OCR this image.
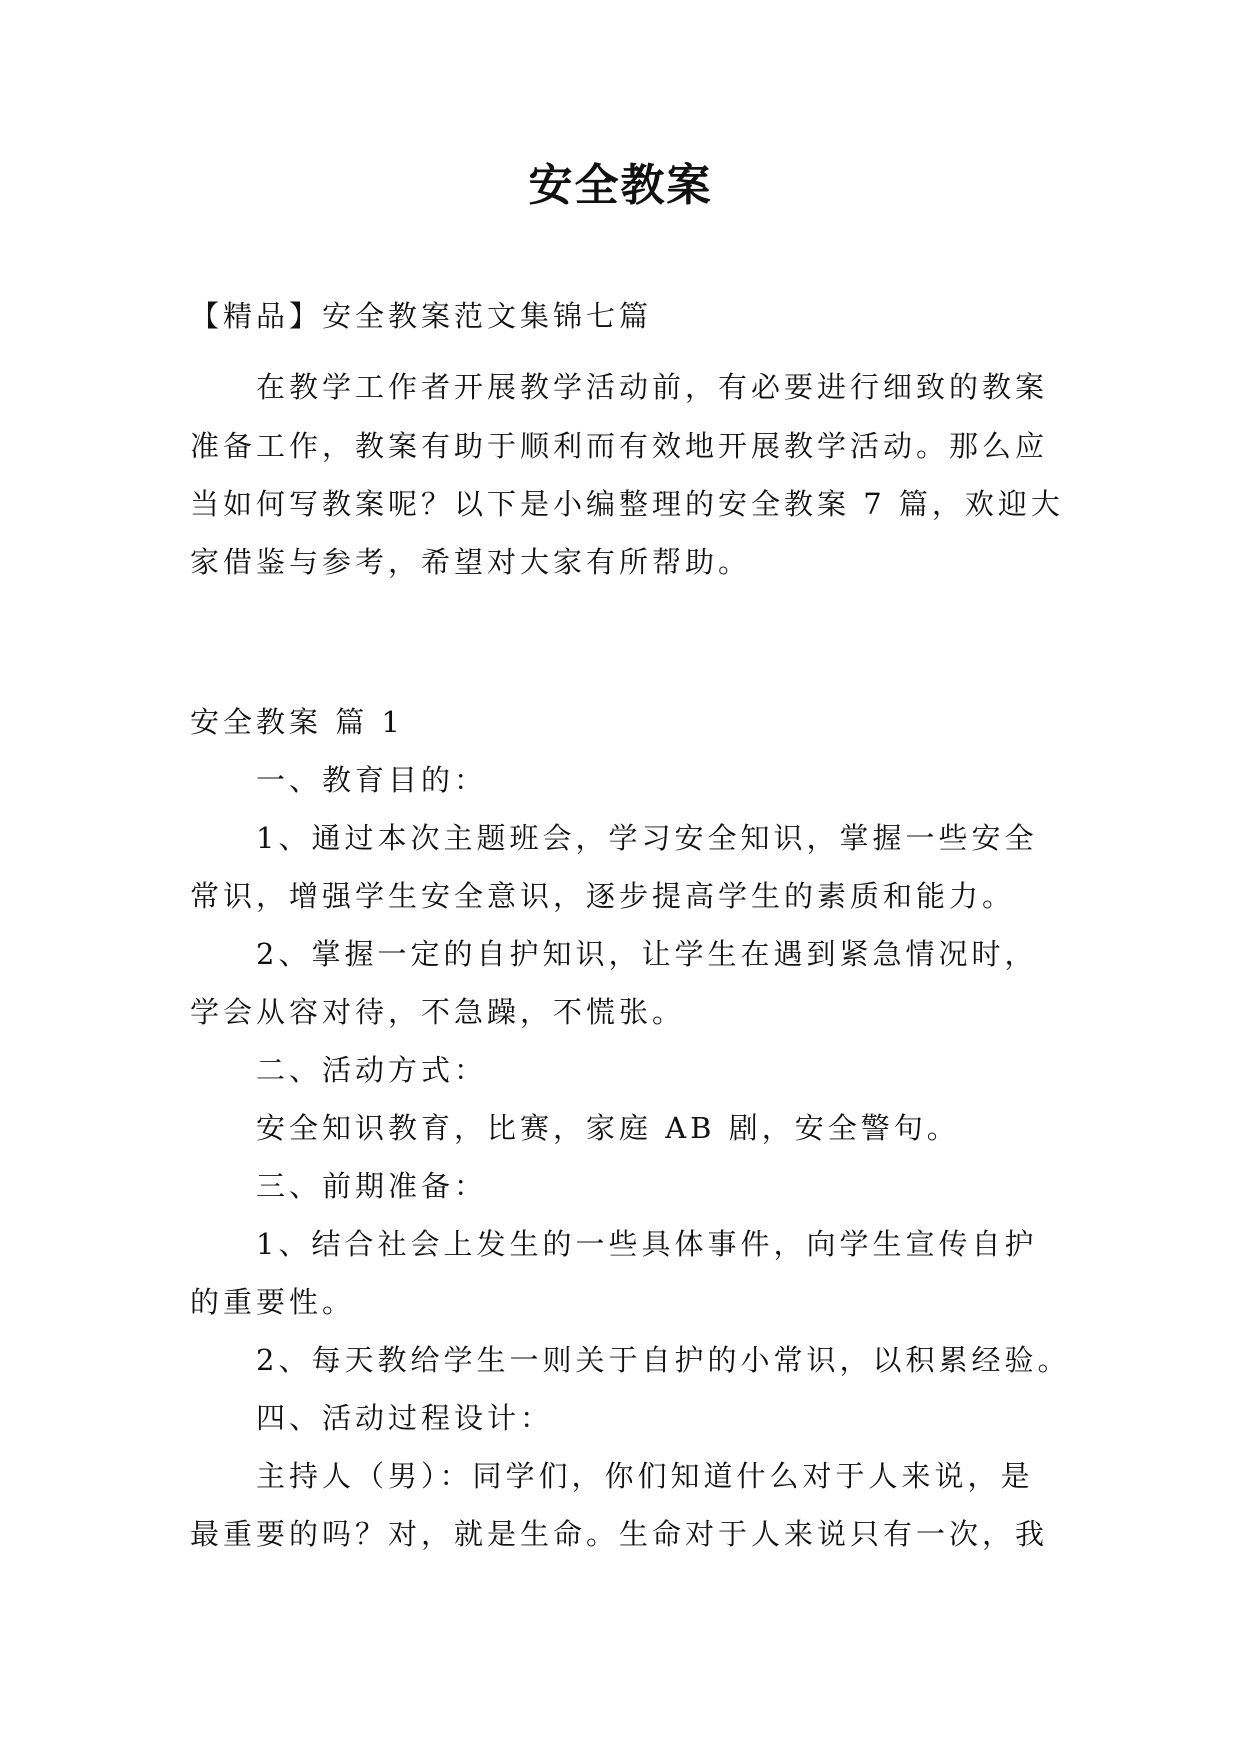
安全教案
【精品】安全教案范文集锦七篇
在教学工作者开展教学活动前，有必要进行细致的教案
准备工作，教案有助于顺利而有效地开展教学活动。那么应
当如何写教案呢？以下是小编整理的安全教案 7 篇，欢迎大
家借鉴与参考，希望对大家有所帮助。
安全教案 篇 1
一、教育目的：
1、通过本次主题班会，学习安全知识，掌握一些安全
常识，增强学生安全意识，逐步提高学生的素质和能力。
2、掌握一定的自护知识，让学生在遇到紧急情况时，
学会从容对待，不急躁，不慌张。
二、活动方式：
安全知识教育，比赛，家庭 AB 剧，安全警句。
三、前期准备：
1、结合社会上发生的一些具体事件，向学生宣传自护
的重要性。
2、每天教给学生一则关于自护的小常识，以积累经验。
四、活动过程设计：
主持人（男）：同学们，你们知道什么对于人来说，是
最重要的吗？对，就是生命。生命对于人来说只有一次，我
